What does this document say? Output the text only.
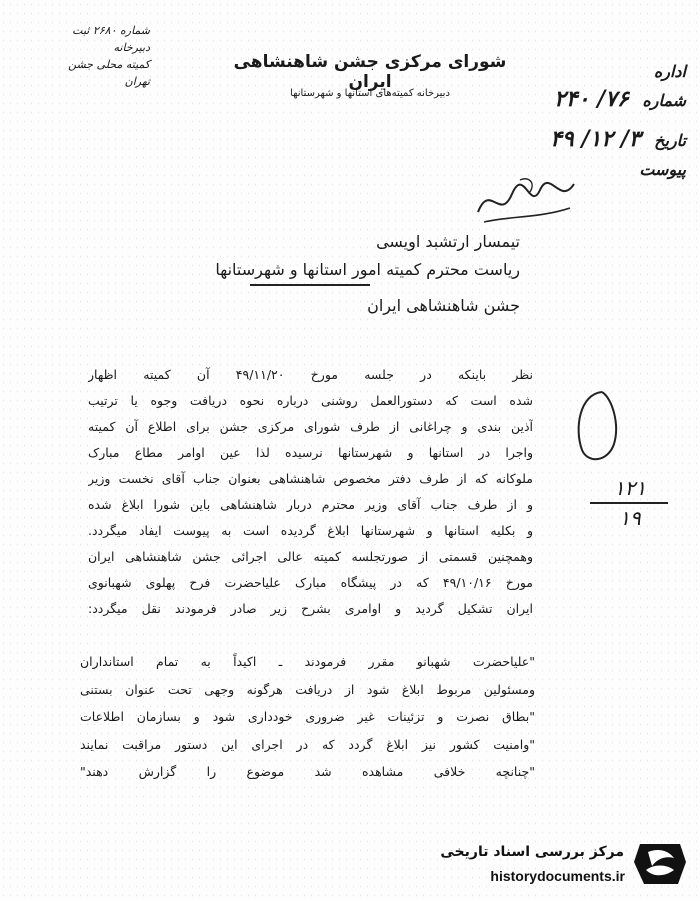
شماره ۲۶۸۰ ثبت دبیرخانه
کمیته محلی جشن
تهران
شورای مرکزی جشن شاهنشاهی ایران
دبیرخانه کمیته‌های استانها و شهرستانها
اداره
شماره ۷۶/ ۲۴۰
تاریخ ۳/ ۱۲/ ۴۹
پیوست
تیمسار ارتشبد اویسی
ریاست محترم کمیته امور استانها و شهرستانها
جشن شاهنشاهی ایران

نظر باینکه در جلسه مورخ ۴۹/۱۱/۲۰ آن کمیته اظهار

شده است که دستورالعمل روشنی درباره نحوه دریافت وجوه یا ترتیب

آذین بندی و چراغانی از طرف شورای مرکزی جشن برای اطلاع آن کمیته

واجرا در استانها و شهرستانها نرسیده لذا عین اوامر مطاع مبارک

ملوکانه که از طرف دفتر مخصوص شاهنشاهی بعنوان جناب آقای نخست وزیر

و از طرف جناب آقای وزیر محترم دربار شاهنشاهی باین شورا ابلاغ شده

و بکلیه استانها و شهرستانها ابلاغ گردیده است به پیوست ایفاد میگردد.

وهمچنین قسمتی از صورتجلسه کمیته عالی اجرائی جشن شاهنشاهی ایران

مورخ ۴۹/۱۰/۱۶ که در پیشگاه مبارک علیاحضرت فرح پهلوی شهبانوی

ایران تشکیل گردید و اوامری بشرح زیر صادر فرمودند نقل میگردد:

"علیاحضرت شهبانو مقرر فرمودند ـ اکیداً به تمام استانداران

ومسئولین مربوط ابلاغ شود از دریافت هرگونه وجهی تحت عنوان بستنی

"بطاق نصرت و تزئینات غیر ضروری خودداری شود و بسازمان اطلاعات

"وامنیت کشور نیز ابلاغ گردد که در اجرای این دستور مراقبت نمایند

"چنانچه خلافی مشاهده شد موضوع را گزارش دهند"

۱۲۱
۱۹
مرکز بررسی اسناد تاریخی
historydocuments.ir
